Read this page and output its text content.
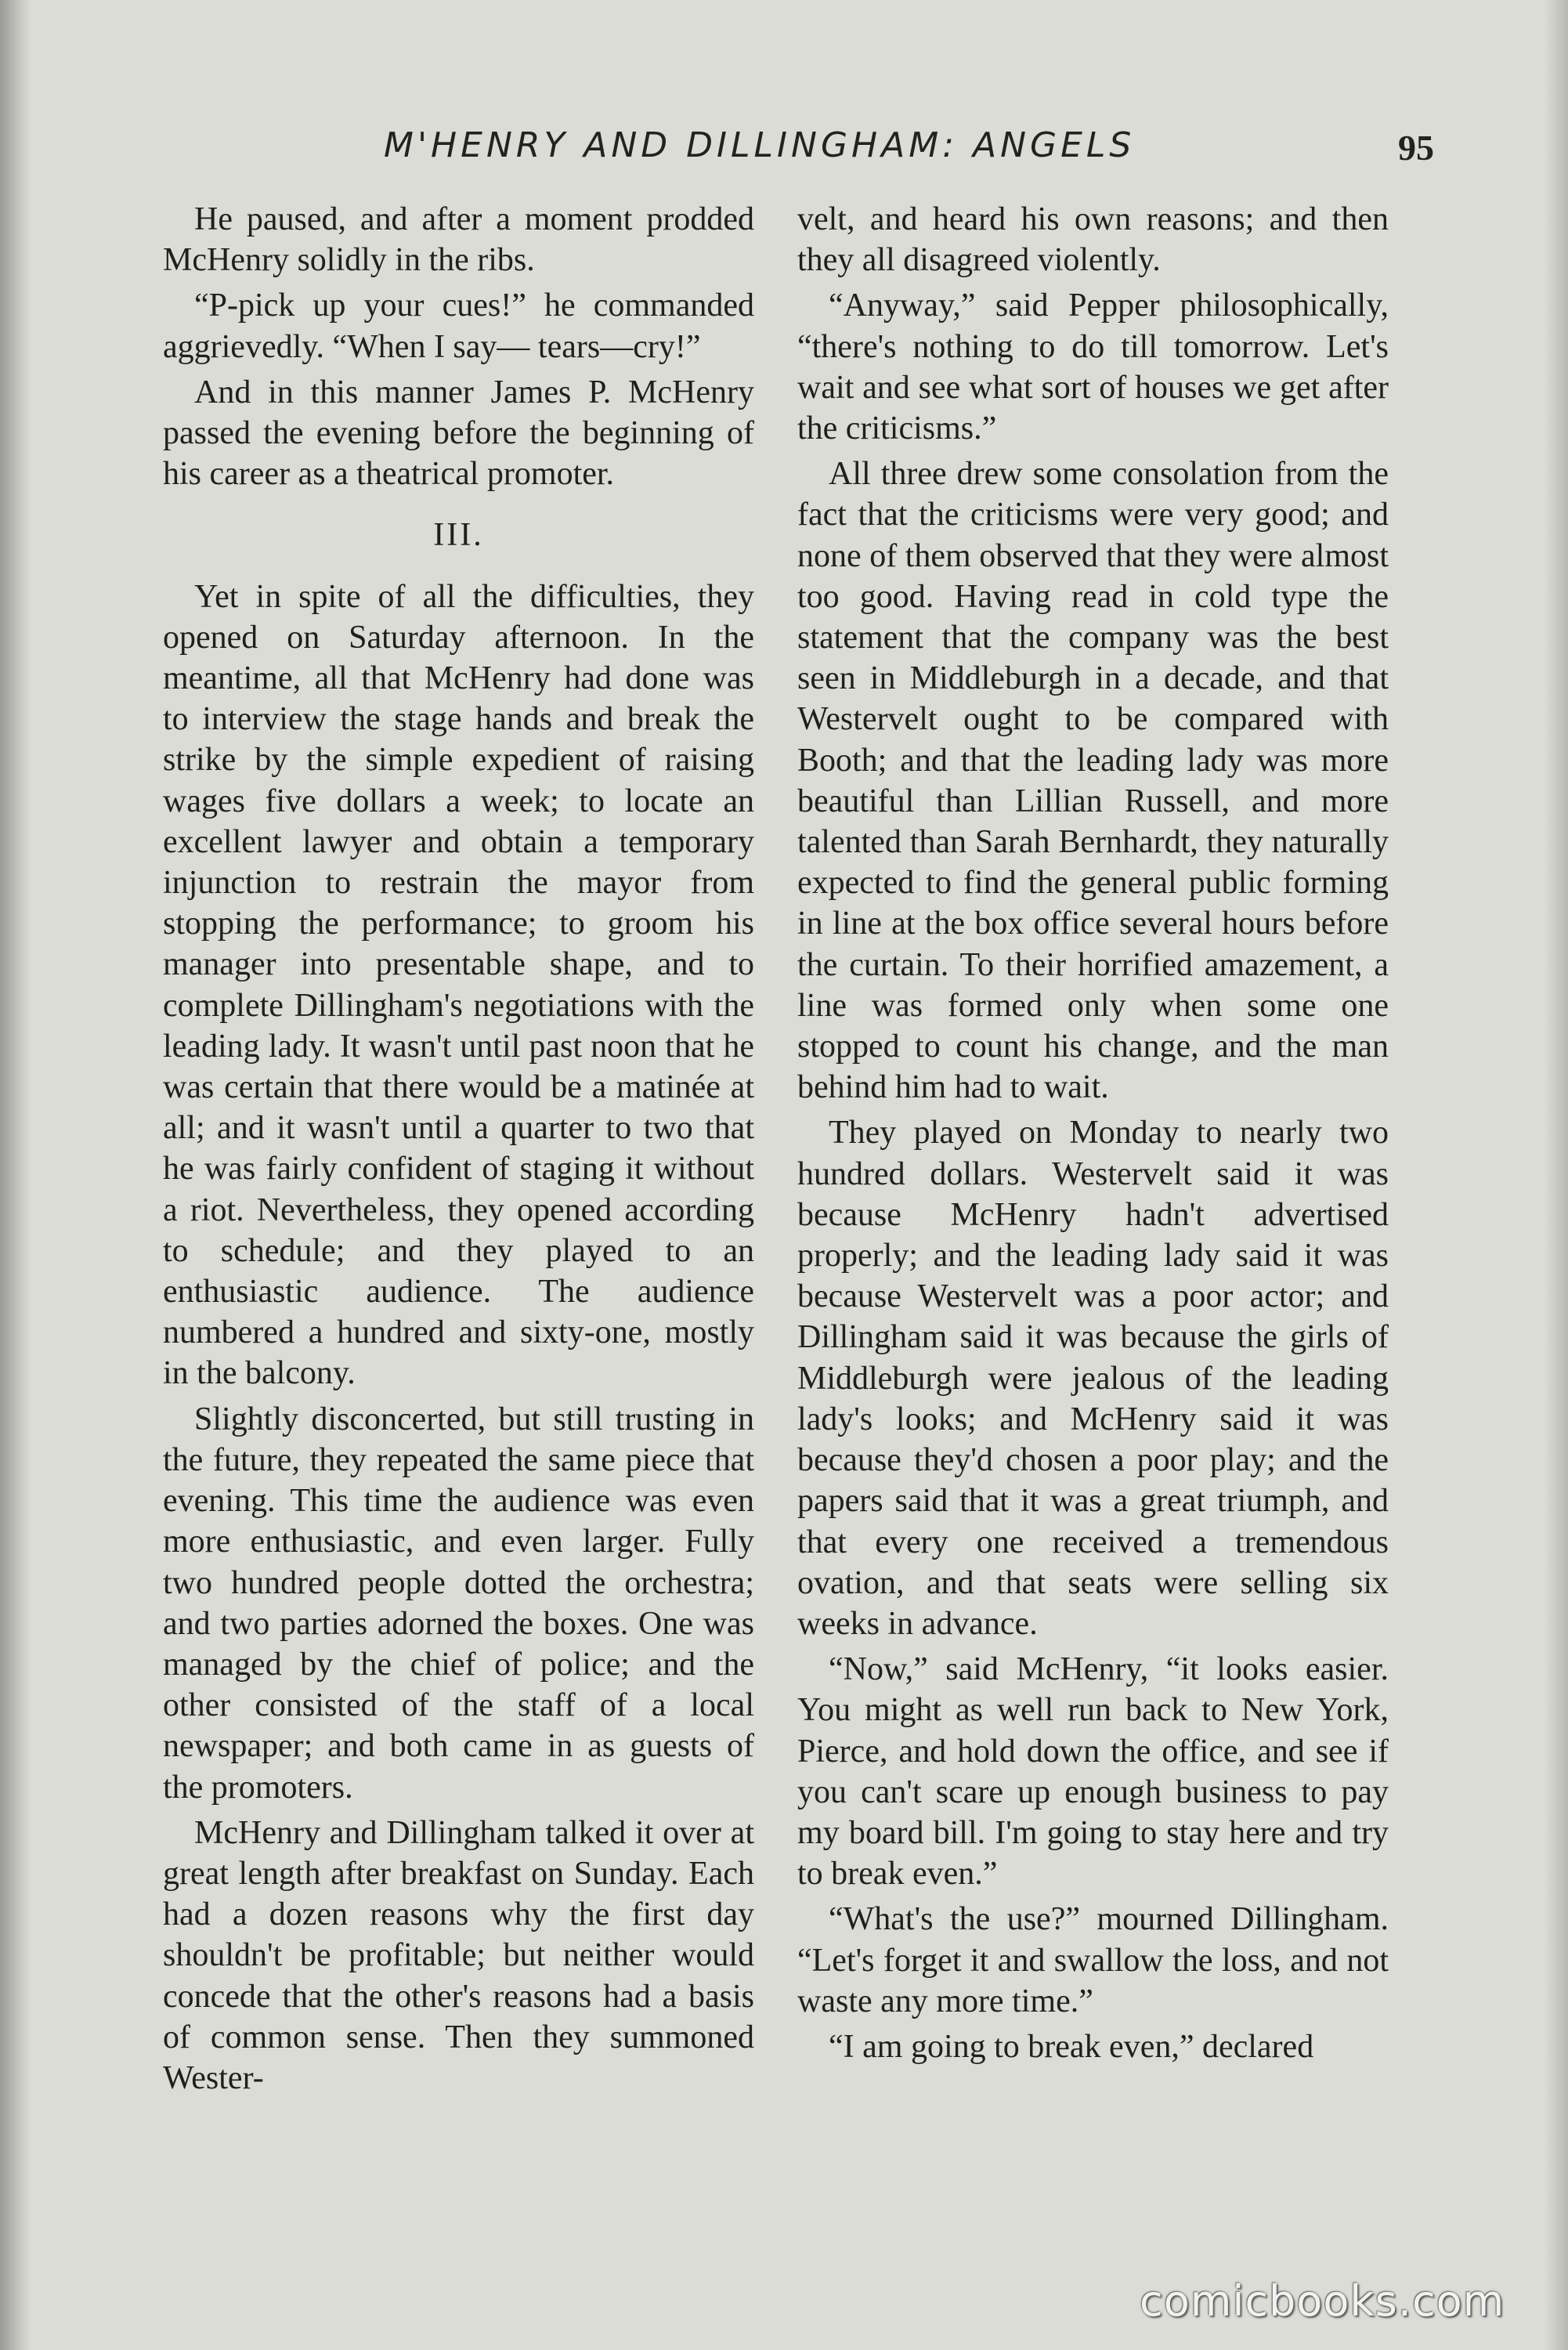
M'HENRY AND DILLINGHAM: ANGELS	95

He paused, and after a moment prodded McHenry solidly in the ribs.

“P-pick up your cues!” he commanded aggrievedly. “When I say— tears—cry!”

And in this manner James P. McHenry passed the evening before the beginning of his career as a theatrical promoter.

III.

Yet in spite of all the difficulties, they opened on Saturday afternoon. In the meantime, all that McHenry had done was to interview the stage hands and break the strike by the simple expedient of raising wages five dollars a week; to locate an excellent lawyer and obtain a temporary injunction to restrain the mayor from stopping the performance; to groom his manager into presentable shape, and to complete Dillingham's negotiations with the leading lady. It wasn't until past noon that he was certain that there would be a matinée at all; and it wasn't until a quarter to two that he was fairly confident of staging it without a riot. Nevertheless, they opened according to schedule; and they played to an enthusiastic audience. The audience numbered a hundred and sixty-one, mostly in the balcony.

Slightly disconcerted, but still trusting in the future, they repeated the same piece that evening. This time the audience was even more enthusiastic, and even larger. Fully two hundred people dotted the orchestra; and two parties adorned the boxes. One was managed by the chief of police; and the other consisted of the staff of a local newspaper; and both came in as guests of the promoters.

McHenry and Dillingham talked it over at great length after breakfast on Sunday. Each had a dozen reasons why the first day shouldn't be profitable; but neither would concede that the other's reasons had a basis of common sense. Then they summoned Wester-

velt, and heard his own reasons; and then they all disagreed violently.

“Anyway,” said Pepper philosophically, “there's nothing to do till tomorrow. Let's wait and see what sort of houses we get after the criticisms.”

All three drew some consolation from the fact that the criticisms were very good; and none of them observed that they were almost too good. Having read in cold type the statement that the company was the best seen in Middleburgh in a decade, and that Westervelt ought to be compared with Booth; and that the leading lady was more beautiful than Lillian Russell, and more talented than Sarah Bernhardt, they naturally expected to find the general public forming in line at the box office several hours before the curtain. To their horrified amazement, a line was formed only when some one stopped to count his change, and the man behind him had to wait.

They played on Monday to nearly two hundred dollars. Westervelt said it was because McHenry hadn't advertised properly; and the leading lady said it was because Westervelt was a poor actor; and Dillingham said it was because the girls of Middleburgh were jealous of the leading lady's looks; and McHenry said it was because they'd chosen a poor play; and the papers said that it was a great triumph, and that every one received a tremendous ovation, and that seats were selling six weeks in advance.

“Now,” said McHenry, “it looks easier. You might as well run back to New York, Pierce, and hold down the office, and see if you can't scare up enough business to pay my board bill. I'm going to stay here and try to break even.”

“What's the use?” mourned Dillingham. “Let's forget it and swallow the loss, and not waste any more time.”

“I am going to break even,” declared

comicbooks.com
